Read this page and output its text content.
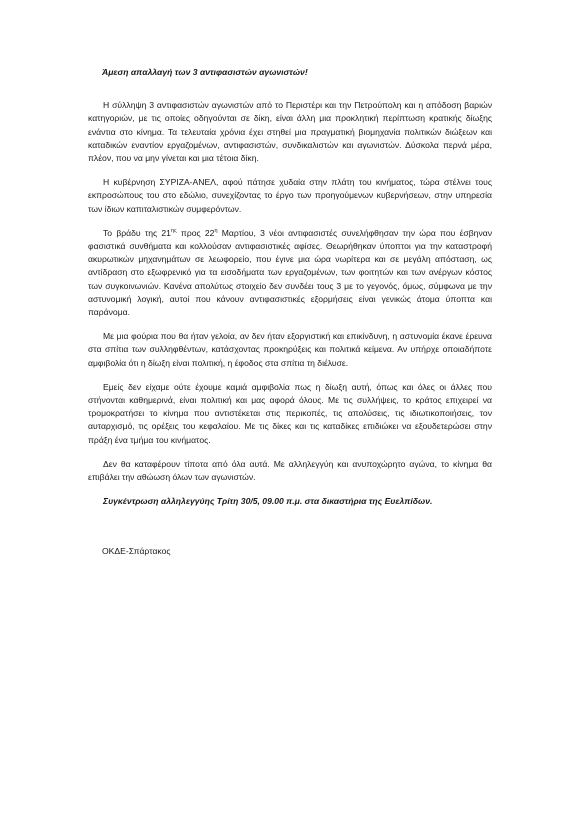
Άμεση απαλλαγή των 3 αντιφασιστών αγωνιστών!

Η σύλληψη 3 αντιφασιστών αγωνιστών από το Περιστέρι και την Πετρούπολη και η απόδοση βαριών κατηγοριών, με τις οποίες οδηγούνται σε δίκη, είναι άλλη μια προκλητική περίπτωση κρατικής δίωξης ενάντια στο κίνημα. Τα τελευταία χρόνια έχει στηθεί μια πραγματική βιομηχανία πολιτικών διώξεων και καταδικών εναντίον εργαζομένων, αντιφασιστών, συνδικαλιστών και αγωνιστών. Δύσκολα περνά μέρα, πλέον, που να μην γίνεται και μια τέτοια δίκη.

Η κυβέρνηση ΣΥΡΙΖΑ-ΑΝΕΛ, αφού πάτησε χυδαία στην πλάτη του κινήματος, τώρα στέλνει τους εκπροσώπους του στο εδώλιο, συνεχίζοντας το έργο των προηγούμενων κυβερνήσεων, στην υπηρεσία των ίδιων καπιταλιστικών συμφερόντων.

Το βράδυ της $21^{\eta\varsigma}$ προς $22^\eta$ Μαρτίου, 3 νέοι αντιφασιστές συνελήφθησαν την ώρα που έσβηναν φασιστικά συνθήματα και κολλούσαν αντιφασιστικές αφίσες. Θεωρήθηκαν ύποπτοι για την καταστροφή ακυρωτικών μηχανημάτων σε λεωφορείο, που έγινε μια ώρα νωρίτερα και σε μεγάλη απόσταση, ως αντίδραση στο εξωφρενικό για τα εισοδήματα των εργαζομένων, των φοιτητών και των ανέργων κόστος των συγκοινωνιών. Κανένα απολύτως στοιχείο δεν συνδέει τους 3 με το γεγονός, όμως, σύμφωνα με την αστυνομική λογική, αυτοί που κάνουν αντιφασιστικές εξορμήσεις είναι γενικώς άτομα ύποπτα και παράνομα.

Με μια φούρια που θα ήταν γελοία, αν δεν ήταν εξοργιστική και επικίνδυνη, η αστυνομία έκανε έρευνα στα σπίτια των συλληφθέντων, κατάσχοντας προκηρύξεις και πολιτικά κείμενα. Αν υπήρχε οποιαδήποτε αμφιβολία ότι η δίωξη είναι πολιτική, η έφοδος στα σπίτια τη διέλυσε.

Εμείς δεν είχαμε ούτε έχουμε καμιά αμφιβολία πως η δίωξη αυτή, όπως και όλες οι άλλες που στήνονται καθημερινά, είναι πολιτική και μας αφορά όλους. Με τις συλλήψεις, το κράτος επιχειρεί να τρομοκρατήσει το κίνημα που αντιστέκεται στις περικοπές, τις απολύσεις, τις ιδιωτικοποιήσεις, τον αυταρχισμό, τις ορέξεις του κεφαλαίου. Με τις δίκες και τις καταδίκες επιδιώκει να εξουδετερώσει στην πράξη ένα τμήμα του κινήματος.

Δεν θα καταφέρουν τίποτα από όλα αυτά. Με αλληλεγγύη και ανυποχώρητο αγώνα, το κίνημα θα επιβάλει την αθώωση όλων των αγωνιστών.

Συγκέντρωση αλληλεγγύης Τρίτη 30/5, 09.00 π.μ. στα δικαστήρια της Ευελπίδων.

ΟΚΔΕ-Σπάρτακος
